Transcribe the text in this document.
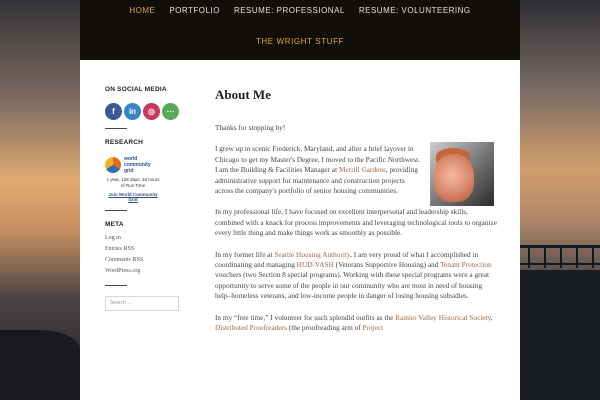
HOME	PORTFOLIO	RESUME: PROFESSIONAL	RESUME: VOLUNTEERING
THE WRIGHT STUFF
ON SOCIAL MEDIA
f	in	◎	⋯
RESEARCH
world
community
grid
1 year, 128 days, 16 hours of Run Time
Join World Community Grid
META
Log in
Entries RSS
Comments RSS
WordPress.org
Search …
About Me

Thanks for stopping by!

I grew up in scenic Frederick, Maryland, and after a brief layover in Chicago to get my Master's Degree, I moved to the Pacific Northwest. I am the Building & Facilities Manager at Merrill Gardens, providing administrative support for maintenance and construction projects across the company's portfolio of senior housing communities.

In my professional life, I have focused on excellent interpersonal and leadership skills, combined with a knack for process improvements and leveraging technological tools to organize every little thing and make things work as smoothly as possible.

In my former life at Seattle Housing Authority, I am very proud of what I accomplished in coordinating and managing HUD-VASH (Veterans Supportive Housing) and Tenant Protection vouchers (two Section 8 special programs). Working with these special programs were a great opportunity to serve some of the people in our community who are most in need of housing help–homeless veterans, and low-income people in danger of losing housing subsidies.

In my “free time,” I volunteer for such splendid outfits as the Rainier Valley Historical Society, Distributed Proofreaders (the proofreading arm of Project
